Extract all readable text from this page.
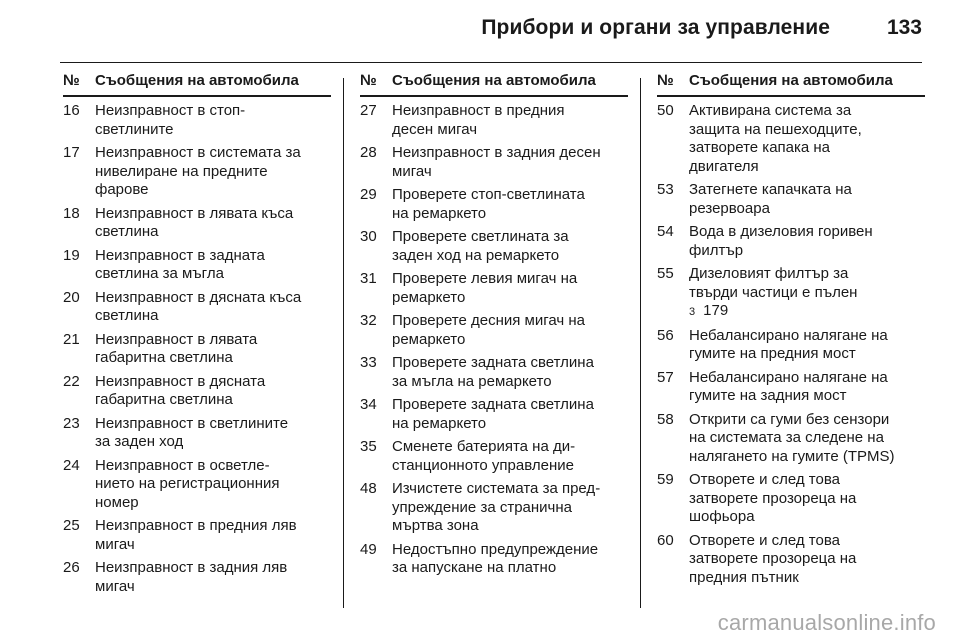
Прибори и органи за управление	133
№	Съобщения на автомобила
16	Неизправност в стоп-
светлините
17	Неизправност в системата за
нивелиране на предните
фарове
18	Неизправност в лявата къса
светлина
19	Неизправност в задната
светлина за мъгла
20	Неизправност в дясната къса
светлина
21	Неизправност в лявата
габаритна светлина
22	Неизправност в дясната
габаритна светлина
23	Неизправност в светлините
за заден ход
24	Неизправност в осветле-
нието на регистрационния
номер
25	Неизправност в предния ляв
мигач
26	Неизправност в задния ляв
мигач
№	Съобщения на автомобила
27	Неизправност в предния
десен мигач
28	Неизправност в задния десен
мигач
29	Проверете стоп-светлината
на ремаркето
30	Проверете светлината за
заден ход на ремаркето
31	Проверете левия мигач на
ремаркето
32	Проверете десния мигач на
ремаркето
33	Проверете задната светлина
за мъгла на ремаркето
34	Проверете задната светлина
на ремаркето
35	Сменете батерията на ди-
станционното управление
48	Изчистете системата за пред-
упреждение за странична
мъртва зона
49	Недостъпно предупреждение
за напускане на платно
№	Съобщения на автомобила
50	Активирана система за
защита на пешеходците,
затворете капака на
двигателя
53	Затегнете капачката на
резервоара
54	Вода в дизеловия горивен
филтър
55	Дизеловият филтър за
твърди частици е пълен
3 179
56	Небалансирано налягане на
гумите на предния мост
57	Небалансирано налягане на
гумите на задния мост
58	Открити са гуми без сензори
на системата за следене на
налягането на гумите (TPMS)
59	Отворете и след това
затворете прозореца на
шофьора
60	Отворете и след това
затворете прозореца на
предния пътник
carmanualsonline.info
